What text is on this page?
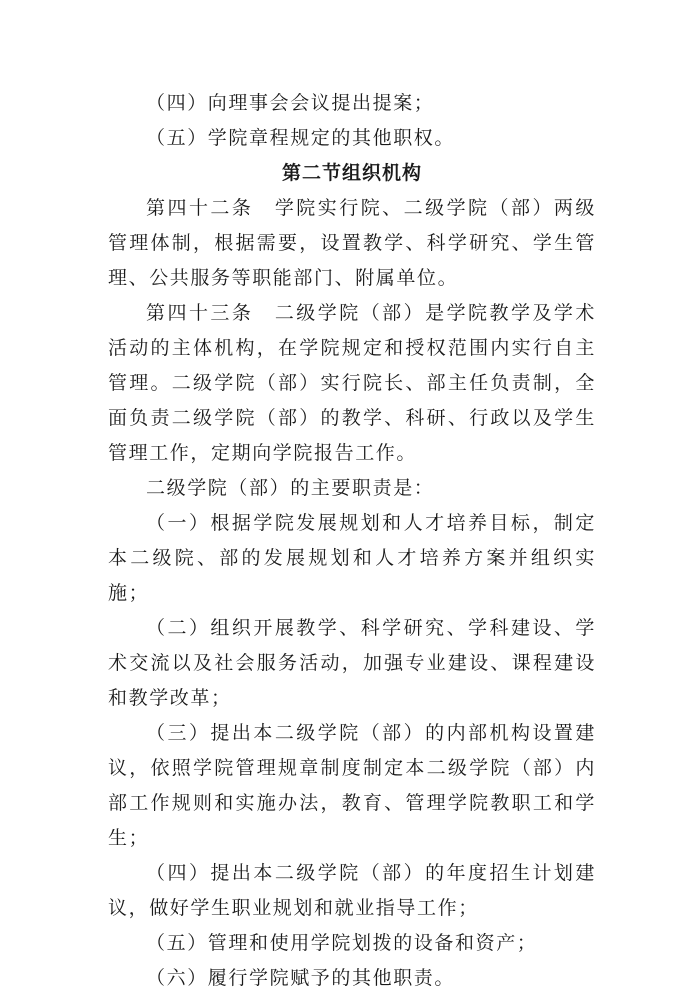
（四）向理事会会议提出提案；

（五）学院章程规定的其他职权。

第二节组织机构

第四十二条　学院实行院、二级学院（部）两级管理体制，根据需要，设置教学、科学研究、学生管理、公共服务等职能部门、附属单位。

第四十三条　二级学院（部）是学院教学及学术活动的主体机构，在学院规定和授权范围内实行自主管理。二级学院（部）实行院长、部主任负责制，全面负责二级学院（部）的教学、科研、行政以及学生管理工作，定期向学院报告工作。

二级学院（部）的主要职责是：

（一）根据学院发展规划和人才培养目标，制定本二级院、部的发展规划和人才培养方案并组织实施；

（二）组织开展教学、科学研究、学科建设、学术交流以及社会服务活动，加强专业建设、课程建设和教学改革；

（三）提出本二级学院（部）的内部机构设置建议，依照学院管理规章制度制定本二级学院（部）内部工作规则和实施办法，教育、管理学院教职工和学生；

（四）提出本二级学院（部）的年度招生计划建议，做好学生职业规划和就业指导工作；

（五）管理和使用学院划拨的设备和资产；

（六）履行学院赋予的其他职责。
